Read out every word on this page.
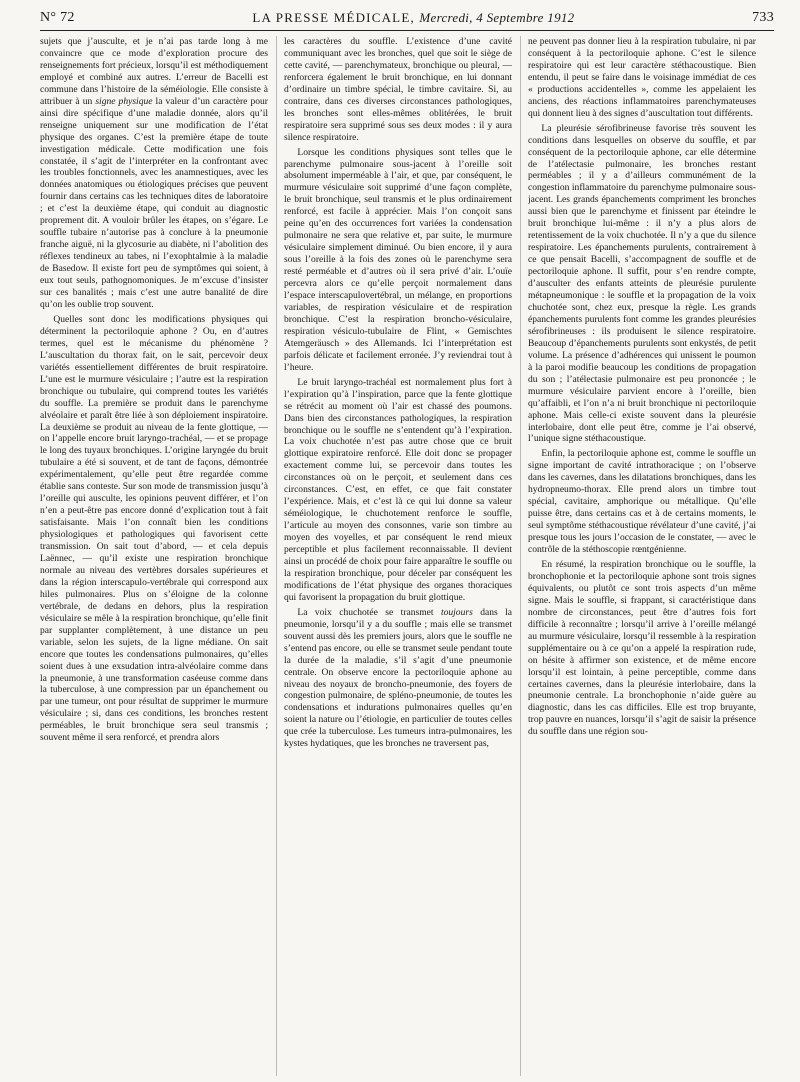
N° 72	LA PRESSE MÉDICALE, Mercredi, 4 Septembre 1912	733

sujets que j’ausculte, et je n’ai pas tarde long à me convaincre que ce mode d’exploration procure des renseignements fort précieux, lorsqu’il est méthodiquement employé et combiné aux autres. L’erreur de Bacelli est commune dans l’histoire de la séméiologie. Elle consiste à attribuer à un signe physique la valeur d’un caractère pour ainsi dire spécifique d’une maladie donnée, alors qu’il renseigne uniquement sur une modification de l’état physique des organes. C’est la première étape de toute investigation médicale. Cette modification une fois constatée, il s’agit de l’interpréter en la confrontant avec les troubles fonctionnels, avec les anamnestiques, avec les données anatomiques ou étiologiques précises que peuvent fournir dans certains cas les techniques dites de laboratoire ; et c’est la deuxième étape, qui conduit au diagnostic proprement dit. A vouloir brûler les étapes, on s’égare. Le souffle tubaire n’autorise pas à conclure à la pneumonie franche aiguë, ni la glycosurie au diabète, ni l’abolition des réflexes tendineux au tabes, ni l’exophtalmie à la maladie de Basedow. Il existe fort peu de symptômes qui soient, à eux tout seuls, pathognomoniques. Je m’excuse d’insister sur ces banalités ; mais c’est une autre banalité de dire qu’on les oublie trop souvent.

Quelles sont donc les modifications physiques qui déterminent la pectoriloquie aphone ? Ou, en d’autres termes, quel est le mécanisme du phénomène ? L’auscultation du thorax fait, on le sait, percevoir deux variétés essentiellement différentes de bruit respiratoire. L’une est le murmure vésiculaire ; l’autre est la respiration bronchique ou tubulaire, qui comprend toutes les variétés du souffle. La première se produit dans le parenchyme alvéolaire et paraît être liée à son déploiement inspiratoire. La deuxième se produit au niveau de la fente glottique, — on l’appelle encore bruit laryngo-trachéal, — et se propage le long des tuyaux bronchiques. L’origine laryngée du bruit tubulaire a été si souvent, et de tant de façons, démontrée expérimentalement, qu’elle peut être regardée comme établie sans conteste. Sur son mode de transmission jusqu’à l’oreille qui ausculte, les opinions peuvent différer, et l’on n’en a peut-être pas encore donné d’explication tout à fait satisfaisante. Mais l’on connaît bien les conditions physiologiques et pathologiques qui favorisent cette transmission. On sait tout d’abord, — et cela depuis Laënnec, — qu’il existe une respiration bronchique normale au niveau des vertèbres dorsales supérieures et dans la région interscapulo-vertébrale qui correspond aux hiles pulmonaires. Plus on s’éloigne de la colonne vertébrale, de dedans en dehors, plus la respiration vésiculaire se mêle à la respiration bronchique, qu’elle finit par supplanter complètement, à une distance un peu variable, selon les sujets, de la ligne médiane. On sait encore que toutes les condensations pulmonaires, qu’elles soient dues à une exsudation intra-alvéolaire comme dans la pneumonie, à une transformation caséeuse comme dans la tuberculose, à une compression par un épanchement ou par une tumeur, ont pour résultat de supprimer le murmure vésiculaire ; si, dans ces conditions, les bronches restent perméables, le bruit bronchique sera seul transmis ; souvent même il sera renforcé, et prendra alors

les caractères du souffle. L’existence d’une cavité communiquant avec les bronches, quel que soit le siège de cette cavité, — parenchymateux, bronchique ou pleural, — renforcera également le bruit bronchique, en lui donnant d’ordinaire un timbre spécial, le timbre cavitaire. Si, au contraire, dans ces diverses circonstances pathologiques, les bronches sont elles-mêmes oblitérées, le bruit respiratoire sera supprimé sous ses deux modes : il y aura silence respiratoire.

Lorsque les conditions physiques sont telles que le parenchyme pulmonaire sous-jacent à l’oreille soit absolument imperméable à l’air, et que, par conséquent, le murmure vésiculaire soit supprimé d’une façon complète, le bruit bronchique, seul transmis et le plus ordinairement renforcé, est facile à apprécier. Mais l’on conçoit sans peine qu’en des occurrences fort variées la condensation pulmonaire ne sera que relative et, par suite, le murmure vésiculaire simplement diminué. Ou bien encore, il y aura sous l’oreille à la fois des zones où le parenchyme sera resté perméable et d’autres où il sera privé d’air. L’ouïe percevra alors ce qu’elle perçoit normalement dans l’espace interscapulovertébral, un mélange, en proportions variables, de respiration vésiculaire et de respiration bronchique. C’est la respiration broncho-vésiculaire, respiration vésiculo-tubulaire de Flint, « Gemischtes Atemgeräusch » des Allemands. Ici l’interprétation est parfois délicate et facilement erronée. J’y reviendrai tout à l’heure.

Le bruit laryngo-trachéal est normalement plus fort à l’expiration qu’à l’inspiration, parce que la fente glottique se rétrécit au moment où l’air est chassé des poumons. Dans bien des circonstances pathologiques, la respiration bronchique ou le souffle ne s’entendent qu’à l’expiration. La voix chuchotée n’est pas autre chose que ce bruit glottique expiratoire renforcé. Elle doit donc se propager exactement comme lui, se percevoir dans toutes les circonstances où on le perçoit, et seulement dans ces circonstances. C’est, en effet, ce que fait constater l’expérience. Mais, et c’est là ce qui lui donne sa valeur séméiologique, le chuchotement renforce le souffle, l’articule au moyen des consonnes, varie son timbre au moyen des voyelles, et par conséquent le rend mieux perceptible et plus facilement reconnaissable. Il devient ainsi un procédé de choix pour faire apparaître le souffle ou la respiration bronchique, pour déceler par conséquent les modifications de l’état physique des organes thoraciques qui favorisent la propagation du bruit glottique.

La voix chuchotée se transmet toujours dans la pneumonie, lorsqu’il y a du souffle ; mais elle se transmet souvent aussi dès les premiers jours, alors que le souffle ne s’entend pas encore, ou elle se transmet seule pendant toute la durée de la maladie, s’il s’agit d’une pneumonie centrale. On observe encore la pectoriloquie aphone au niveau des noyaux de broncho-pneumonie, des foyers de congestion pulmonaire, de spléno-pneumonie, de toutes les condensations et indurations pulmonaires quelles qu’en soient la nature ou l’étiologie, en particulier de toutes celles que crée la tuberculose. Les tumeurs intra-pulmonaires, les kystes hydatiques, que les bronches ne traversent pas,

ne peuvent pas donner lieu à la respiration tubulaire, ni par conséquent à la pectoriloquie aphone. C’est le silence respiratoire qui est leur caractère stéthacoustique. Bien entendu, il peut se faire dans le voisinage immédiat de ces « productions accidentelles », comme les appelaient les anciens, des réactions inflammatoires parenchymateuses qui donnent lieu à des signes d’auscultation tout différents.

La pleurésie sérofibrineuse favorise très souvent les conditions dans lesquelles on observe du souffle, et par conséquent de la pectoriloquie aphone, car elle détermine de l’atélectasie pulmonaire, les bronches restant perméables ; il y a d’ailleurs communément de la congestion inflammatoire du parenchyme pulmonaire sous-jacent. Les grands épanchements compriment les bronches aussi bien que le parenchyme et finissent par éteindre le bruit bronchique lui-même : il n’y a plus alors de retentissement de la voix chuchotée. Il n’y a que du silence respiratoire. Les épanchements purulents, contrairement à ce que pensait Bacelli, s’accompagnent de souffle et de pectoriloquie aphone. Il suffit, pour s’en rendre compte, d’ausculter des enfants atteints de pleurésie purulente métapneumonique : le souffle et la propagation de la voix chuchotée sont, chez eux, presque la règle. Les grands épanchements purulents font comme les grandes pleurésies sérofibrineuses : ils produisent le silence respiratoire. Beaucoup d’épanchements purulents sont enkystés, de petit volume. La présence d’adhérences qui unissent le poumon à la paroi modifie beaucoup les conditions de propagation du son ; l’atélectasie pulmonaire est peu prononcée ; le murmure vésiculaire parvient encore à l’oreille, bien qu’affaibli, et l’on n’a ni bruit bronchique ni pectoriloquie aphone. Mais celle-ci existe souvent dans la pleurésie interlobaire, dont elle peut être, comme je l’ai observé, l’unique signe stéthacoustique.

Enfin, la pectoriloquie aphone est, comme le souffle un signe important de cavité intrathoracique ; on l’observe dans les cavernes, dans les dilatations bronchiques, dans les hydropneumo-thorax. Elle prend alors un timbre tout spécial, cavitaire, amphorique ou métallique. Qu’elle puisse être, dans certains cas et à de certains moments, le seul symptôme stéthacoustique révélateur d’une cavité, j’ai presque tous les jours l’occasion de le constater, — avec le contrôle de la stéthoscopie rœntgénienne.

En résumé, la respiration bronchique ou le souffle, la bronchophonie et la pectoriloquie aphone sont trois signes équivalents, ou plutôt ce sont trois aspects d’un même signe. Mais le souffle, si frappant, si caractéristique dans nombre de circonstances, peut être d’autres fois fort difficile à reconnaître ; lorsqu’il arrive à l’oreille mélangé au murmure vésiculaire, lorsqu’il ressemble à la respiration supplémentaire ou à ce qu’on a appelé la respiration rude, on hésite à affirmer son existence, et de même encore lorsqu’il est lointain, à peine perceptible, comme dans certaines cavernes, dans la pleurésie interlobaire, dans la pneumonie centrale. La bronchophonie n’aide guère au diagnostic, dans les cas difficiles. Elle est trop bruyante, trop pauvre en nuances, lorsqu’il s’agit de saisir la présence du souffle dans une région sou-
